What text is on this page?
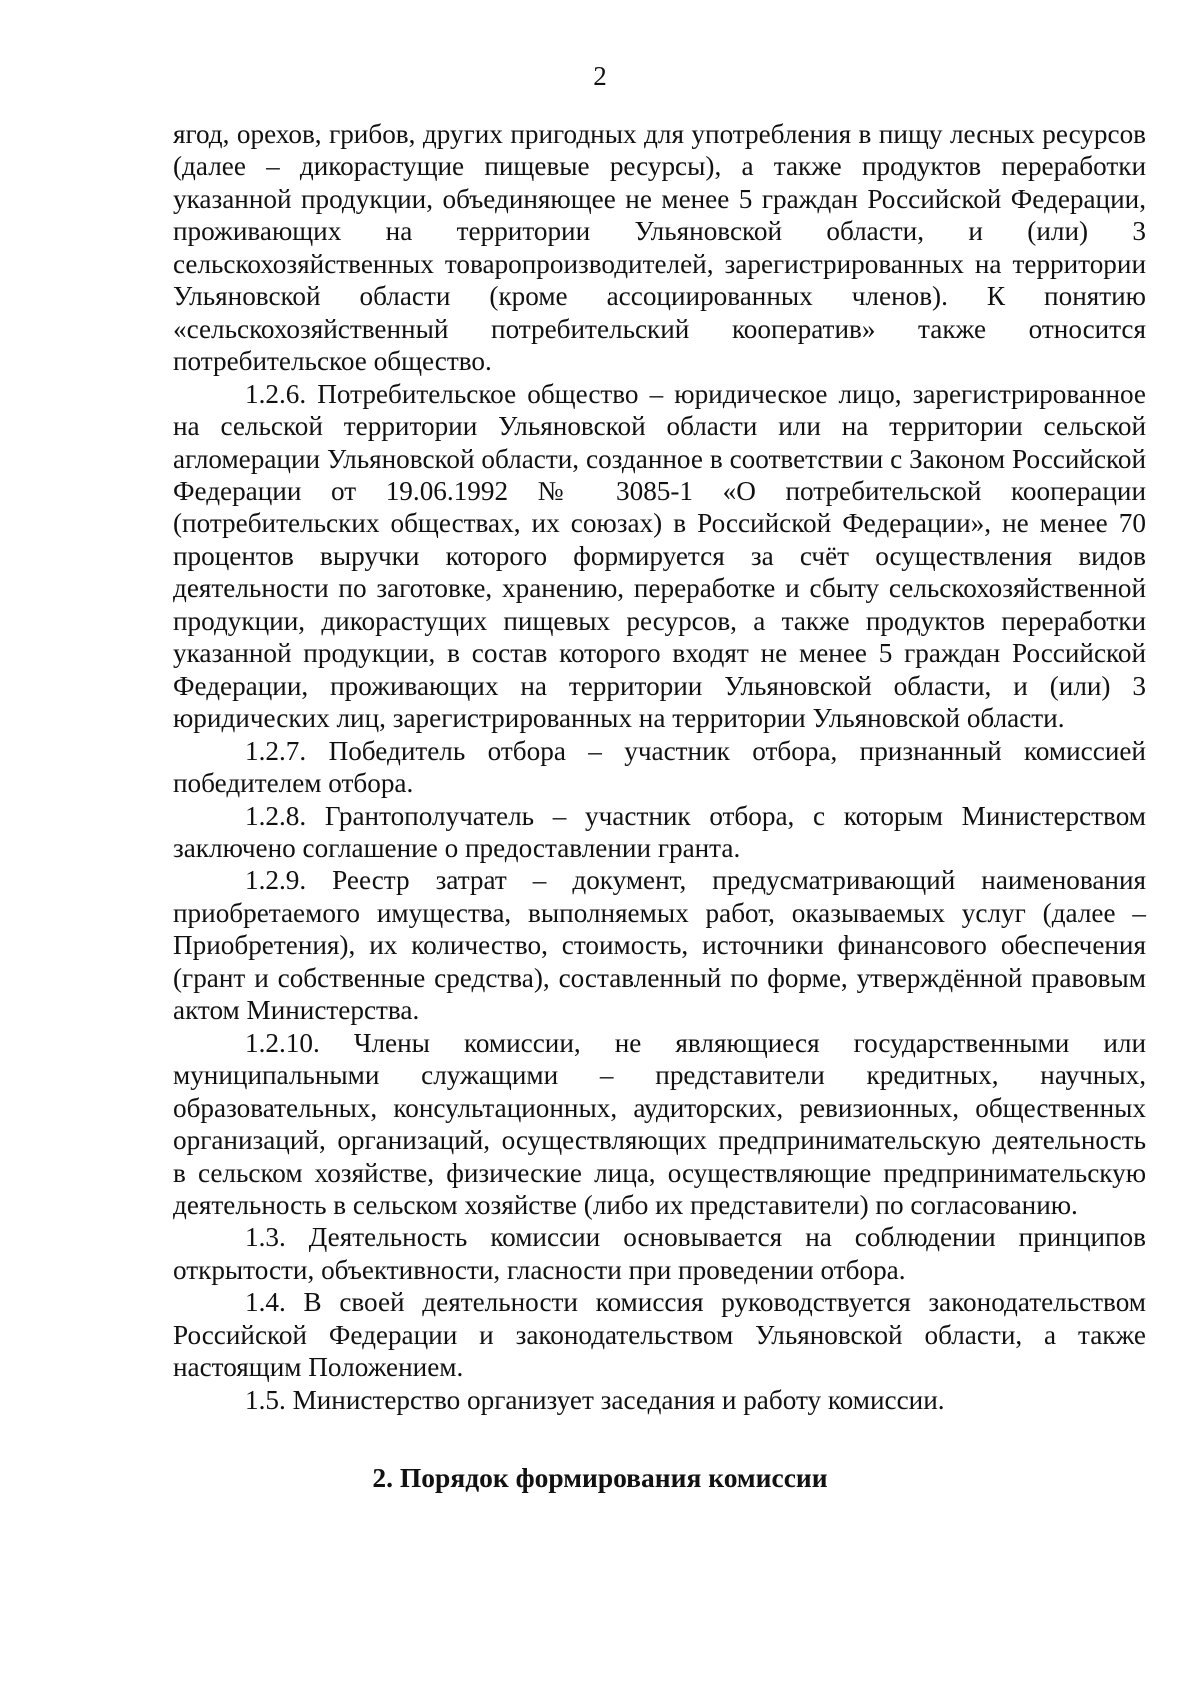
2

ягод, орехов, грибов, других пригодных для употребления в пищу лесных ресурсов (далее – дикорастущие пищевые ресурсы), а также продуктов переработки указанной продукции, объединяющее не менее 5 граждан Российской Федерации, проживающих на территории Ульяновской области, и (или) 3 сельскохозяйственных товаропроизводителей, зарегистрированных на территории Ульяновской области (кроме ассоциированных членов). К понятию «сельскохозяйственный потребительский кооператив» также относится потребительское общество.

1.2.6. Потребительское общество – юридическое лицо, зарегистрированное на сельской территории Ульяновской области или на территории сельской агломерации Ульяновской области, созданное в соответствии с Законом Российской Федерации от 19.06.1992 № 3085-1 «О потребительской кооперации (потребительских обществах, их союзах) в Российской Федерации», не менее 70 процентов выручки которого формируется за счёт осуществления видов деятельности по заготовке, хранению, переработке и сбыту сельскохозяйственной продукции, дикорастущих пищевых ресурсов, а также продуктов переработки указанной продукции, в состав которого входят не менее 5 граждан Российской Федерации, проживающих на территории Ульяновской области, и (или) 3 юридических лиц, зарегистрированных на территории Ульяновской области.

1.2.7. Победитель отбора – участник отбора, признанный комиссией победителем отбора.

1.2.8. Грантополучатель – участник отбора, с которым Министерством заключено соглашение о предоставлении гранта.

1.2.9. Реестр затрат – документ, предусматривающий наименования приобретаемого имущества, выполняемых работ, оказываемых услуг (далее – Приобретения), их количество, стоимость, источники финансового обеспечения (грант и собственные средства), составленный по форме, утверждённой правовым актом Министерства.

1.2.10. Члены комиссии, не являющиеся государственными или муниципальными служащими – представители кредитных, научных, образовательных, консультационных, аудиторских, ревизионных, общественных организаций, организаций, осуществляющих предпринимательскую деятельность в сельском хозяйстве, физические лица, осуществляющие предпринимательскую деятельность в сельском хозяйстве (либо их представители) по согласованию.

1.3. Деятельность комиссии основывается на соблюдении принципов открытости, объективности, гласности при проведении отбора.

1.4. В своей деятельности комиссия руководствуется законодательством Российской Федерации и законодательством Ульяновской области, а также настоящим Положением.

1.5. Министерство организует заседания и работу комиссии.

2. Порядок формирования комиссии
